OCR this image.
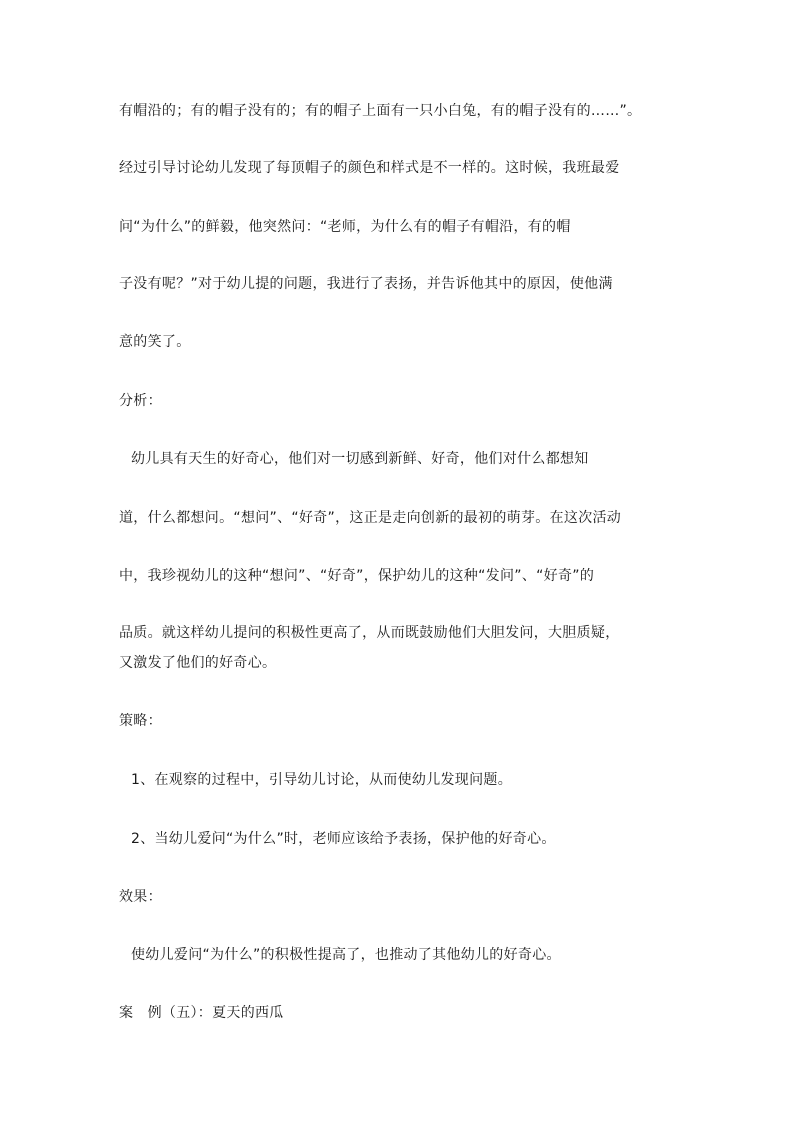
有帽沿的；有的帽子没有的；有的帽子上面有一只小白兔，有的帽子没有的……”。

经过引导讨论幼儿发现了每顶帽子的颜色和样式是不一样的。这时候，我班最爱

问“为什么”的鲜毅，他突然问：“老师，为什么有的帽子有帽沿，有的帽

子没有呢？”对于幼儿提的问题，我进行了表扬，并告诉他其中的原因，使他满

意的笑了。

分析：

幼儿具有天生的好奇心，他们对一切感到新鲜、好奇，他们对什么都想知

道，什么都想问。“想问”、“好奇”，这正是走向创新的最初的萌芽。在这次活动

中，我珍视幼儿的这种“想问”、“好奇”，保护幼儿的这种“发问”、“好奇”的

品质。就这样幼儿提问的积极性更高了，从而既鼓励他们大胆发问，大胆质疑，

又激发了他们的好奇心。

策略：

1、在观察的过程中，引导幼儿讨论，从而使幼儿发现问题。

2、当幼儿爱问“为什么”时，老师应该给予表扬，保护他的好奇心。

效果：

使幼儿爱问“为什么”的积极性提高了，也推动了其他幼儿的好奇心。

案　例（五）：夏天的西瓜
